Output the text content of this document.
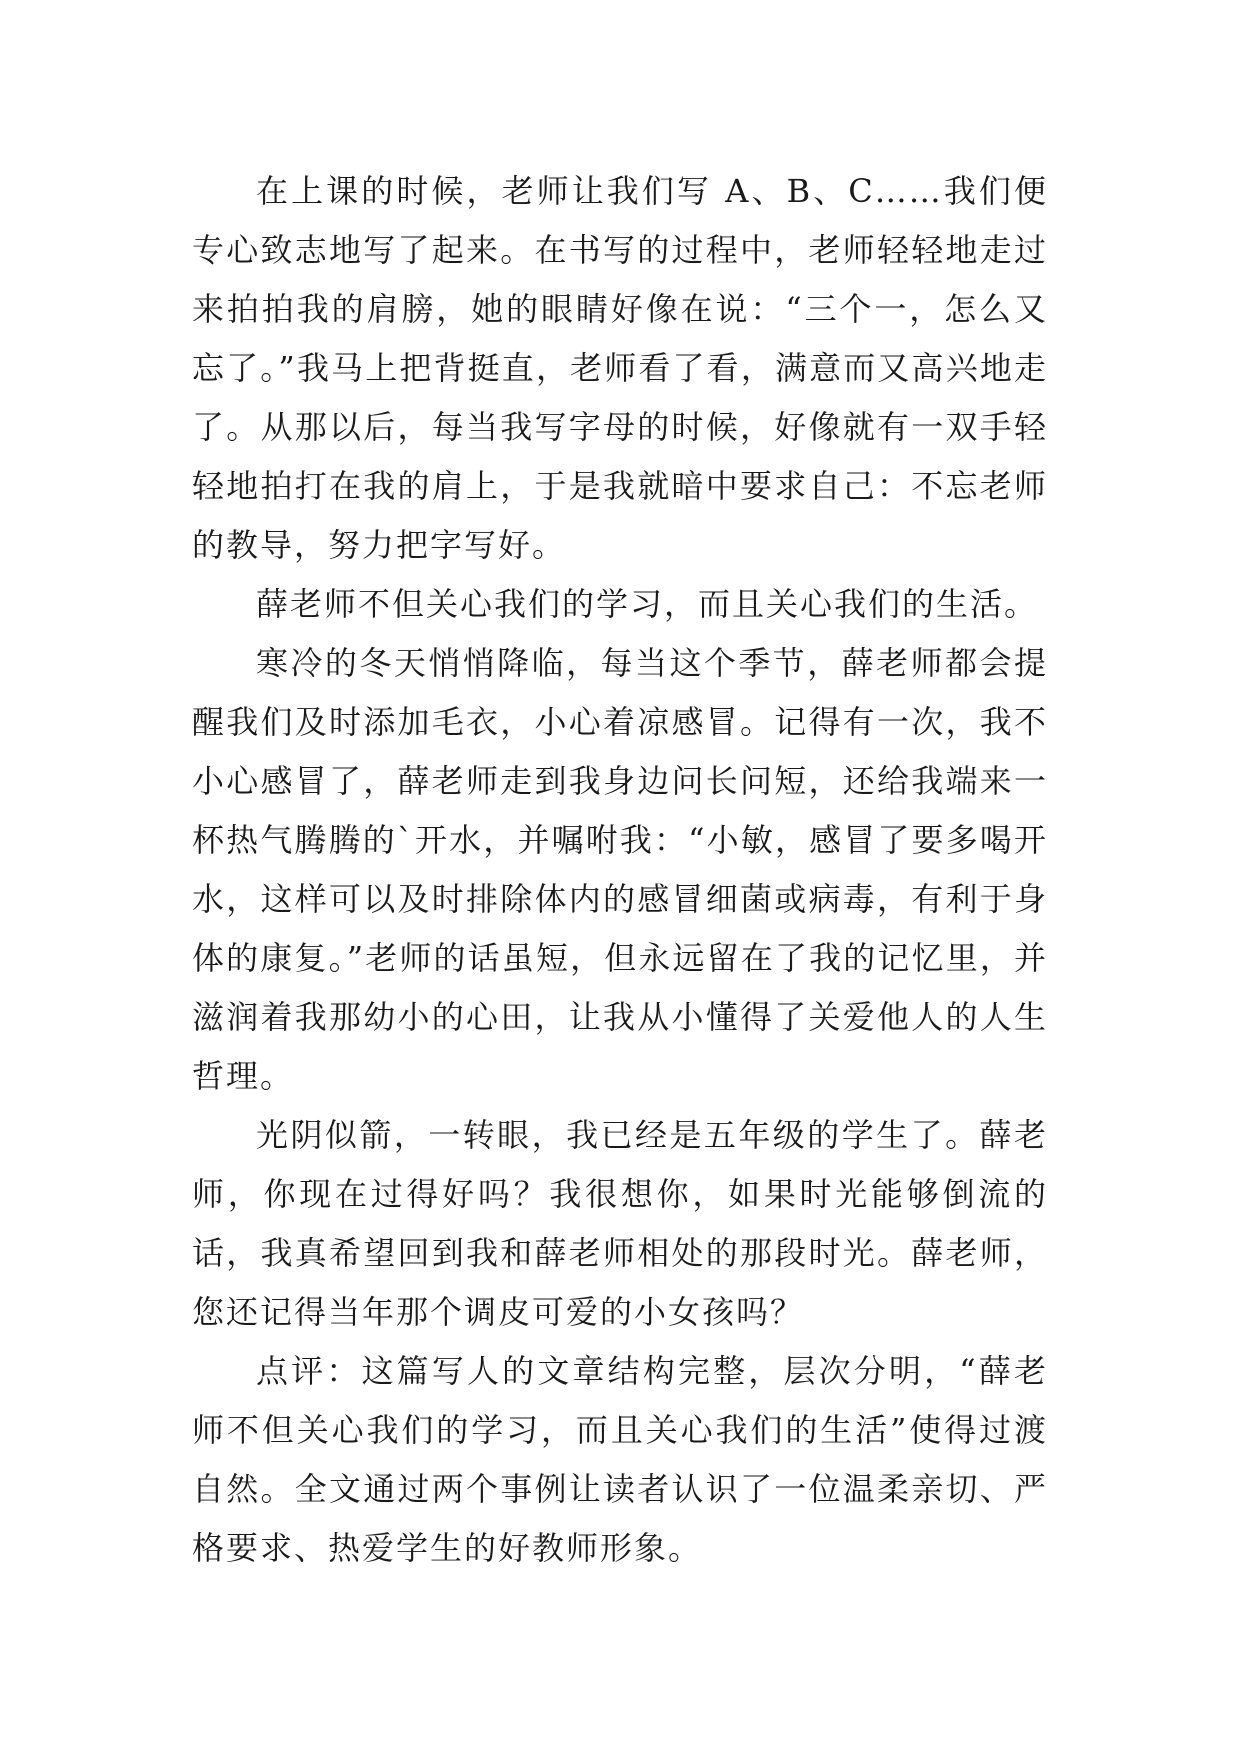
在上课的时候，老师让我们写 A、B、C……我们便专心致志地写了起来。在书写的过程中，老师轻轻地走过来拍拍我的肩膀，她的眼睛好像在说：“三个一，怎么又忘了。”我马上把背挺直，老师看了看，满意而又高兴地走了。从那以后，每当我写字母的时候，好像就有一双手轻轻地拍打在我的肩上，于是我就暗中要求自己：不忘老师的教导，努力把字写好。

薛老师不但关心我们的学习，而且关心我们的生活。

寒冷的冬天悄悄降临，每当这个季节，薛老师都会提醒我们及时添加毛衣，小心着凉感冒。记得有一次，我不小心感冒了，薛老师走到我身边问长问短，还给我端来一杯热气腾腾的`开水，并嘱咐我：“小敏，感冒了要多喝开水，这样可以及时排除体内的感冒细菌或病毒，有利于身体的康复。”老师的话虽短，但永远留在了我的记忆里，并滋润着我那幼小的心田，让我从小懂得了关爱他人的人生哲理。

光阴似箭，一转眼，我已经是五年级的学生了。薛老师，你现在过得好吗？我很想你，如果时光能够倒流的话，我真希望回到我和薛老师相处的那段时光。薛老师，您还记得当年那个调皮可爱的小女孩吗？

点评：这篇写人的文章结构完整，层次分明，“薛老师不但关心我们的学习，而且关心我们的生活”使得过渡自然。全文通过两个事例让读者认识了一位温柔亲切、严格要求、热爱学生的好教师形象。
